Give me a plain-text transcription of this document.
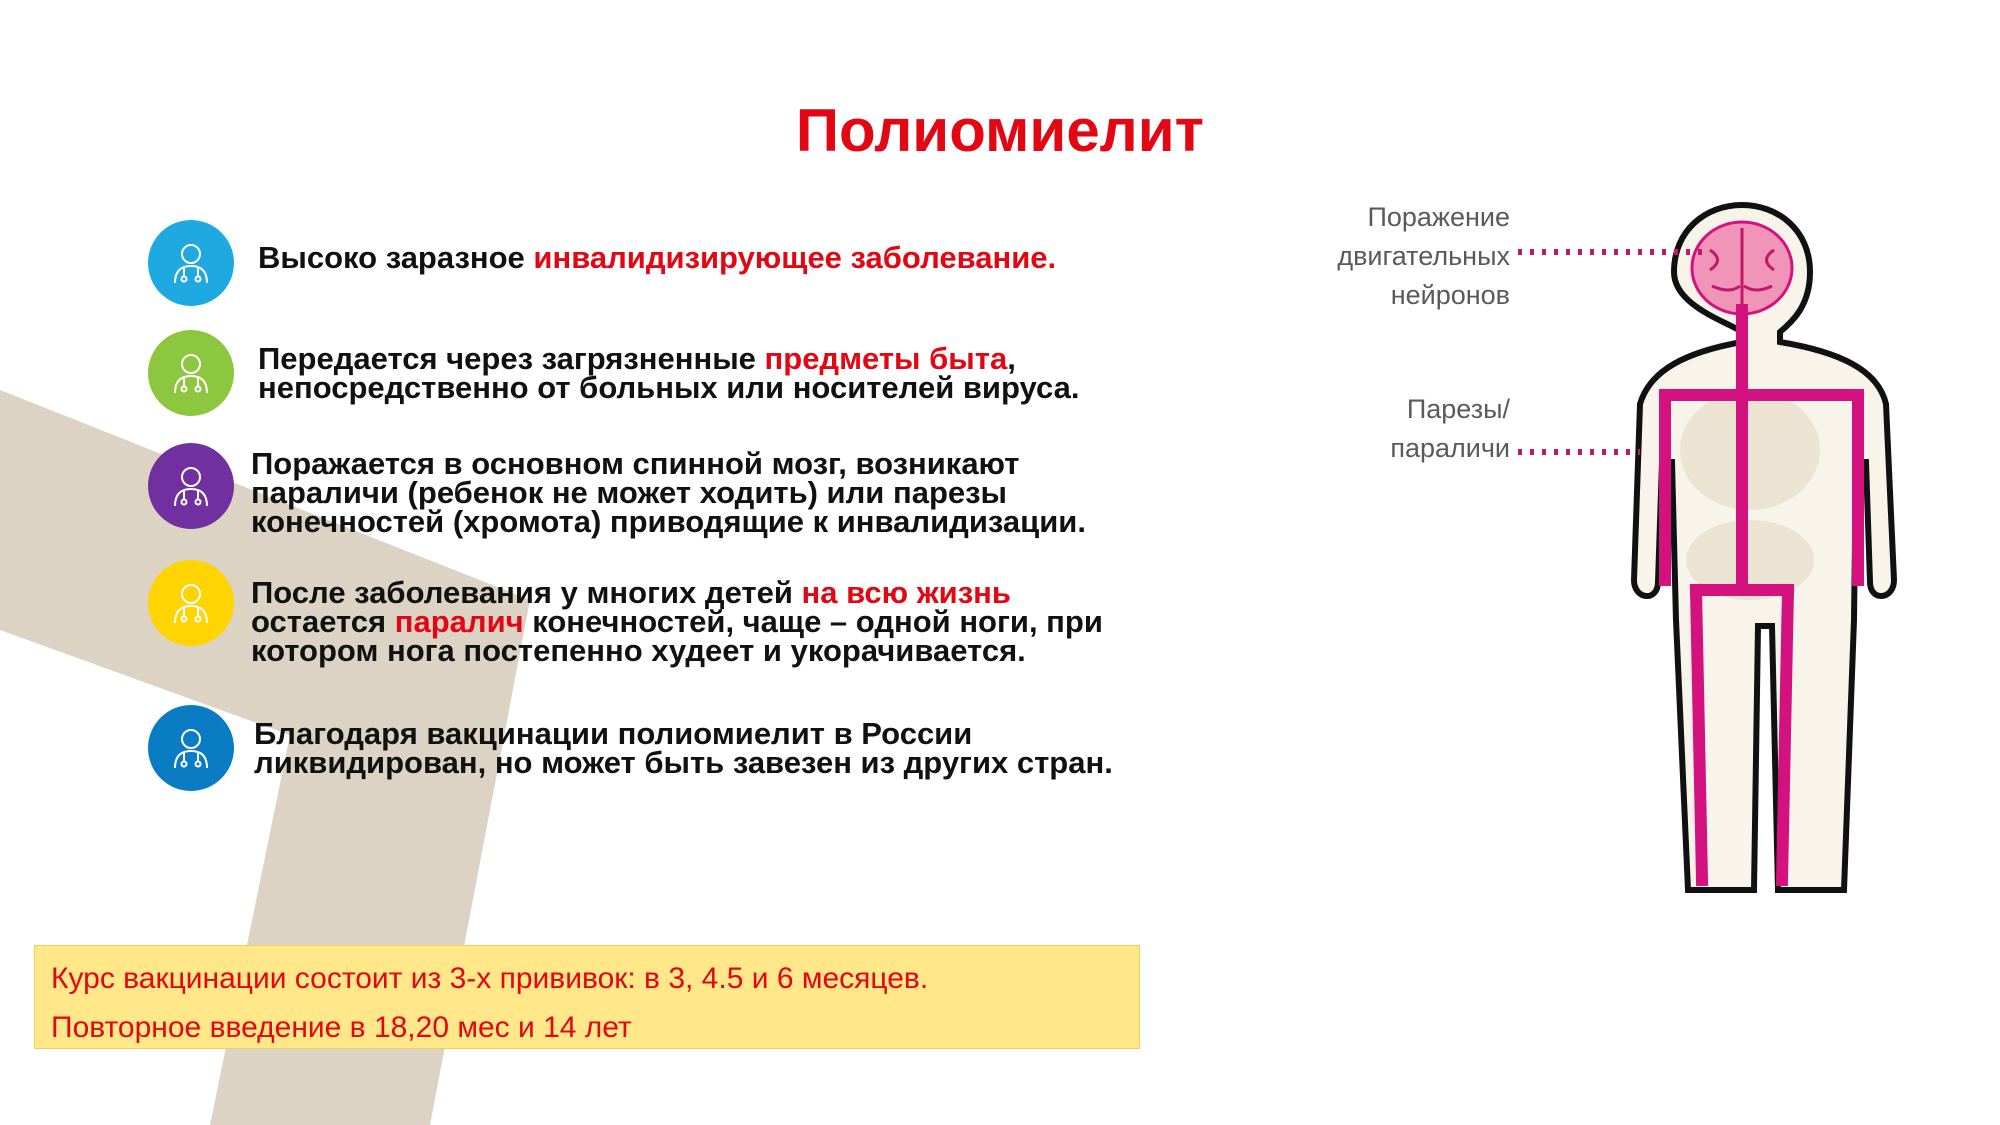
Полиомиелит
Высоко заразное инвалидизирующее заболевание.
Передается через загрязненные предметы быта,
непосредственно от больных или носителей вируса.
Поражается в основном спинной мозг, возникают
параличи (ребенок не может ходить) или парезы
конечностей (хромота) приводящие к инвалидизации.
После заболевания у многих детей на всю жизнь
остается паралич конечностей, чаще – одной ноги, при
котором нога постепенно худеет и укорачивается.
Благодаря вакцинации полиомиелит в России
ликвидирован, но может быть завезен из других стран.
Курс вакцинации состоит из 3-х прививок: в 3, 4.5 и 6 месяцев.
Повторное введение в 18,20 мес и 14 лет
Поражение
двигательных
нейронов
Парезы/
параличи
